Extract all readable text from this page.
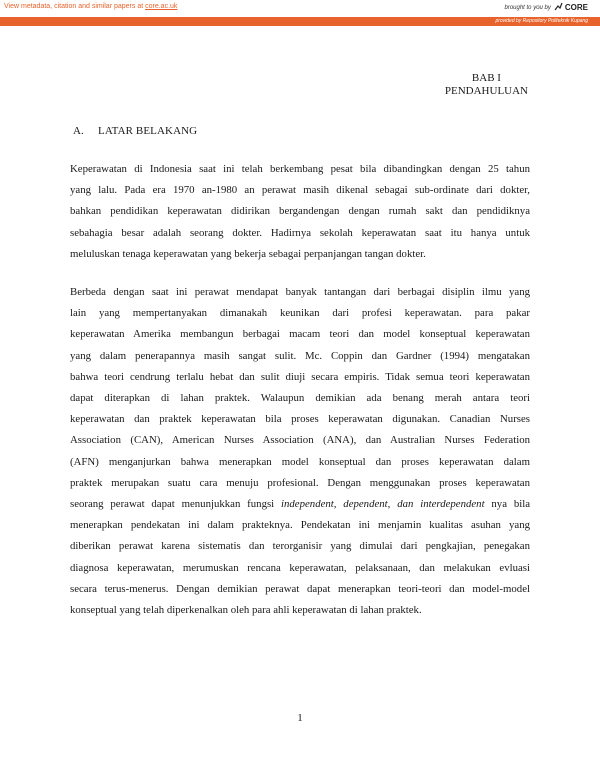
View metadata, citation and similar papers at core.ac.uk	brought to you by CORE
provided by Repository Politeknik Kupang
BAB I
PENDAHULUAN
A. LATAR BELAKANG

Keperawatan di Indonesia saat ini telah berkembang pesat bila dibandingkan dengan 25 tahun
yang lalu. Pada era 1970 an-1980 an perawat masih dikenal sebagai sub-ordinate dari dokter,
bahkan pendidikan keperawatan didirikan bergandengan dengan rumah sakt dan pendidiknya
sebahagia besar adalah seorang dokter. Hadirnya sekolah keperawatan saat itu hanya untuk
meluluskan tenaga keperawatan yang bekerja sebagai perpanjangan tangan dokter.

Berbeda dengan saat ini perawat mendapat banyak tantangan dari berbagai disiplin ilmu yang
lain yang mempertanyakan dimanakah keunikan dari profesi keperawatan. para pakar
keperawatan Amerika membangun berbagai macam teori dan model konseptual keperawatan
yang dalam penerapannya masih sangat sulit. Mc. Coppin dan Gardner (1994) mengatakan
bahwa teori cendrung terlalu hebat dan sulit diuji secara empiris. Tidak semua teori keperawatan
dapat diterapkan di lahan praktek. Walaupun demikian ada benang merah antara teori
keperawatan dan praktek keperawatan bila proses keperawatan digunakan. Canadian Nurses
Association (CAN), American Nurses Association (ANA), dan Australian Nurses Federation
(AFN) menganjurkan bahwa menerapkan model konseptual dan proses keperawatan dalam
praktek merupakan suatu cara menuju profesional. Dengan menggunakan proses keperawatan
seorang perawat dapat menunjukkan fungsi independent, dependent, dan interdependent nya bila
menerapkan pendekatan ini dalam prakteknya. Pendekatan ini menjamin kualitas asuhan yang
diberikan perawat karena sistematis dan terorganisir yang dimulai dari pengkajian, penegakan
diagnosa keperawatan, merumuskan rencana keperawatan, pelaksanaan, dan melakukan evluasi
secara terus-menerus. Dengan demikian perawat dapat menerapkan teori-teori dan model-model
konseptual yang telah diperkenalkan oleh para ahli keperawatan di lahan praktek.

1
